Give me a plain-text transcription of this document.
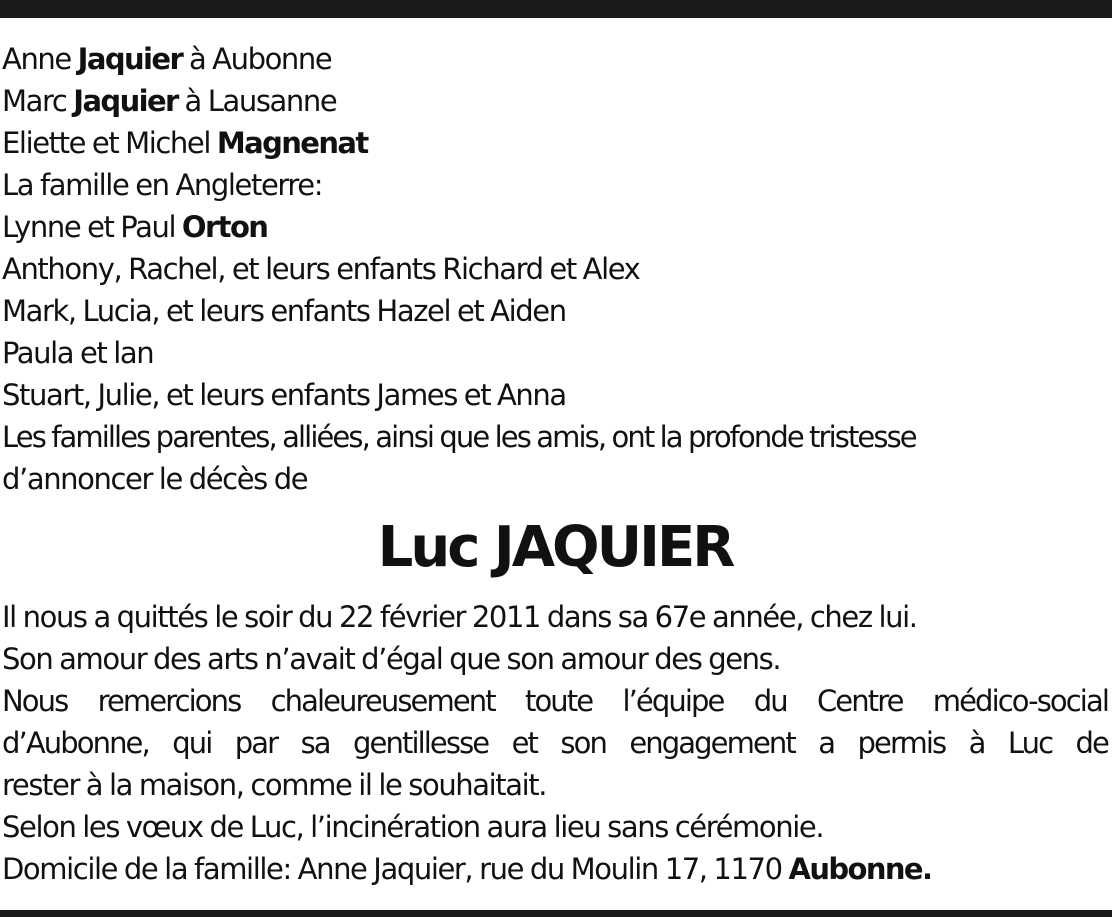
Anne Jaquier à Aubonne
Marc Jaquier à Lausanne
Eliette et Michel Magnenat
La famille en Angleterre:
Lynne et Paul Orton
Anthony, Rachel, et leurs enfants Richard et Alex
Mark, Lucia, et leurs enfants Hazel et Aiden
Paula et lan
Stuart, Julie, et leurs enfants James et Anna
Les familles parentes, alliées, ainsi que les amis, ont la profonde tristesse
d’annoncer le décès de
Luc JAQUIER
Il nous a quittés le soir du 22 février 2011 dans sa 67e année, chez lui.
Son amour des arts n’avait d’égal que son amour des gens.
Nous remercions chaleureusement toute l’équipe du Centre médico-social
d’Aubonne, qui par sa gentillesse et son engagement a permis à Luc de
rester à la maison, comme il le souhaitait.
Selon les vœux de Luc, l’incinération aura lieu sans cérémonie.
Domicile de la famille: Anne Jaquier, rue du Moulin 17, 1170 Aubonne.
